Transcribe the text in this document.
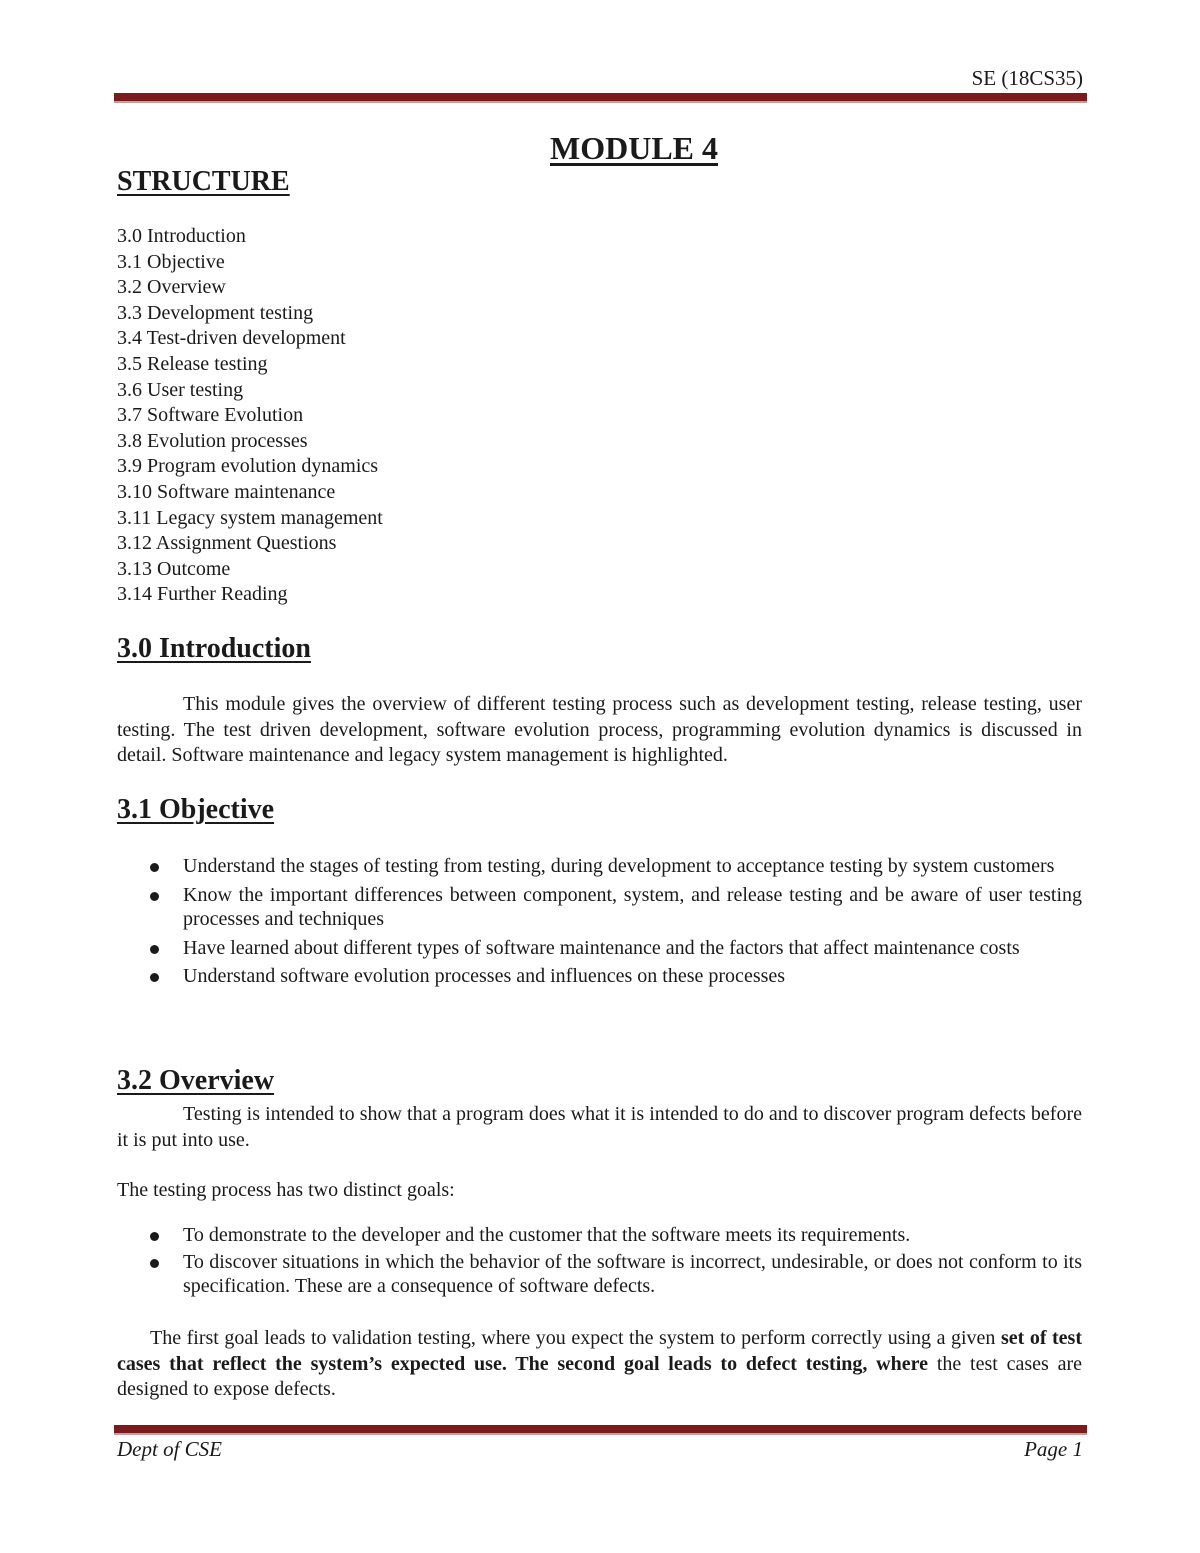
SE (18CS35)
MODULE 4
STRUCTURE
3.0 Introduction
3.1 Objective
3.2 Overview
3.3 Development testing
3.4 Test-driven development
3.5 Release testing
3.6 User testing
3.7 Software Evolution
3.8 Evolution processes
3.9 Program evolution dynamics
3.10 Software maintenance
3.11 Legacy system management
3.12 Assignment Questions
3.13 Outcome
3.14 Further Reading
3.0 Introduction

This module gives the overview of different testing process such as development testing, release testing, user testing. The test driven development, software evolution process, programming evolution dynamics is discussed in detail. Software maintenance and legacy system management is highlighted.

3.1 Objective
Understand the stages of testing from testing, during development to acceptance testing by system customers
Know the important differences between component, system, and release testing and be aware of user testing processes and techniques
Have learned about different types of software maintenance and the factors that affect maintenance costs
Understand software evolution processes and influences on these processes
3.2 Overview

Testing is intended to show that a program does what it is intended to do and to discover program defects before it is put into use.

The testing process has two distinct goals:

To demonstrate to the developer and the customer that the software meets its requirements.
To discover situations in which the behavior of the software is incorrect, undesirable, or does not conform to its specification. These are a consequence of software defects.

The first goal leads to validation testing, where you expect the system to perform correctly using a given set of test cases that reflect the system’s expected use. The second goal leads to defect testing, where the test cases are designed to expose defects.

Dept of CSE	Page 1
